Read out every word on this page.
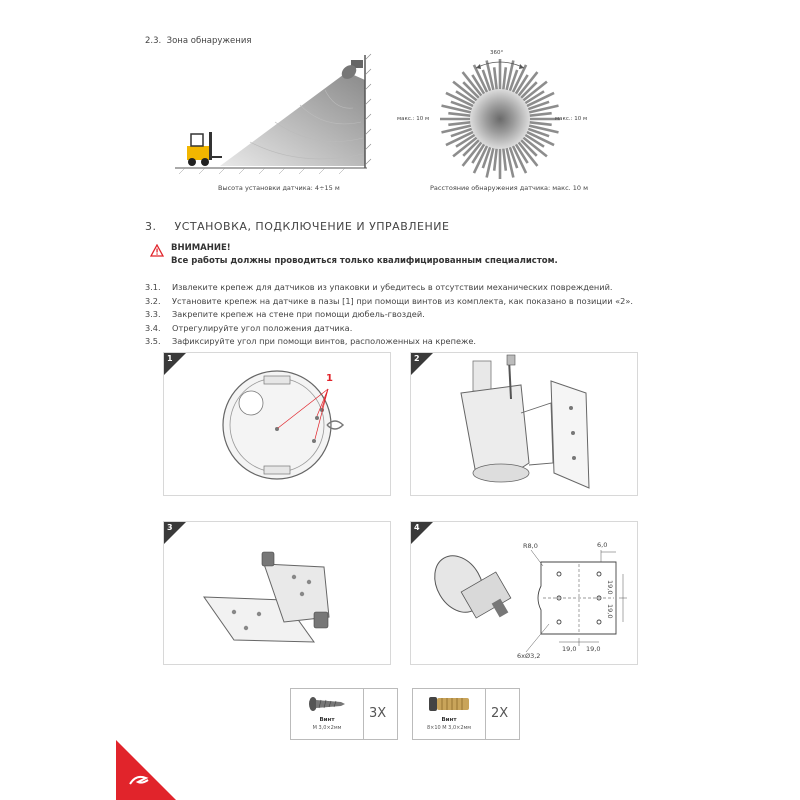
2.3. Зона обнаружения
Высота установки датчика: 4÷15 м
360°
макс.: 10 м	макс.: 10 м
Расстояние обнаружения датчика: макс. 10 м
3. УСТАНОВКА, ПОДКЛЮЧЕНИЕ И УПРАВЛЕНИЕ
ВНИМАНИЕ!
Все работы должны проводиться только квалифицированным специалистом.
3.1. Извлеките крепеж для датчиков из упаковки и убедитесь в отсутствии механических повреждений.
3.2. Установите крепеж на датчике в пазы [1] при помощи винтов из комплекта, как показано в позиции «2».
3.3. Закрепите крепеж на стене при помощи дюбель-гвоздей.
3.4. Отрегулируйте угол положения датчика.
3.5. Зафиксируйте угол при помощи винтов, расположенных на крепеже.
1
1
2
3	4
R8,0	6,0
19,0
19,0
19,0 19,0
6xØ3,2
Винт
M 3,0×2мм
3X	Винт
8×10 M 3,0×2мм
2X
